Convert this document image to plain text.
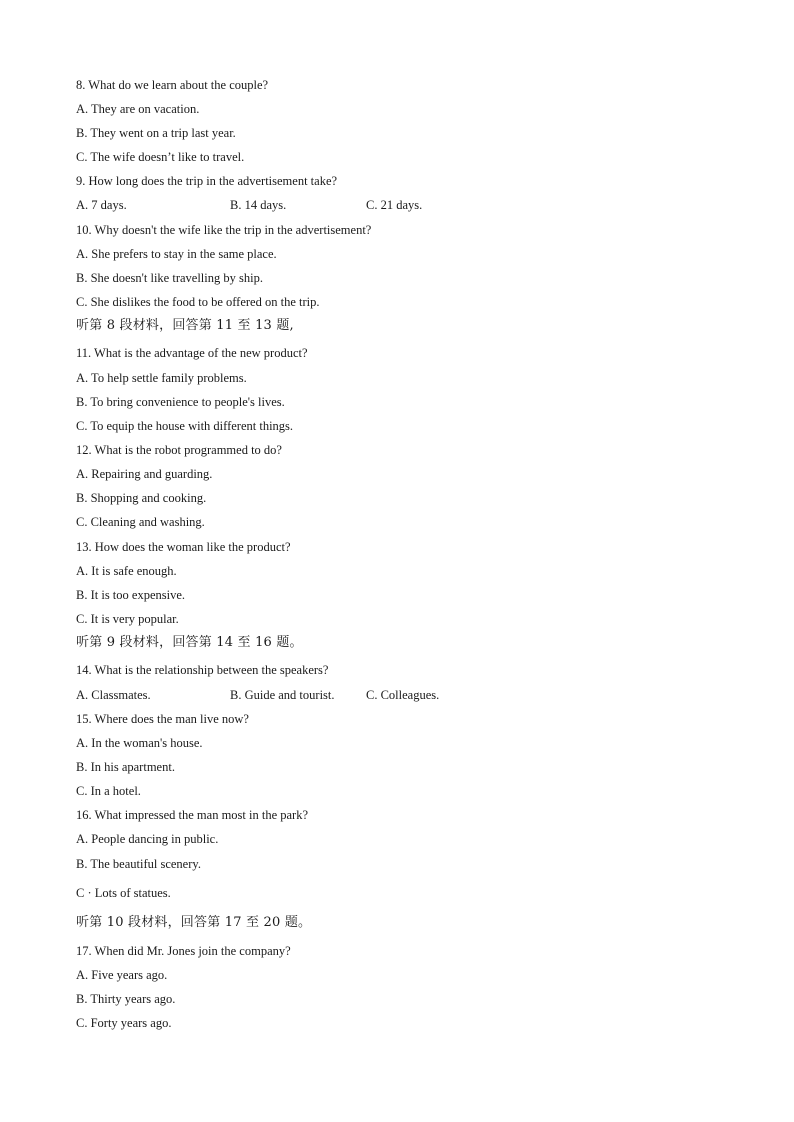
8. What do we learn about the couple?
A. They are on vacation.
B. They went on a trip last year.
C. The wife doesn’t like to travel.
9. How long does the trip in the advertisement take?
A. 7 days.	B. 14 days.	C. 21 days.
10. Why doesn't the wife like the trip in the advertisement?
A. She prefers to stay in the same place.
B. She doesn't like travelling by ship.
C. She dislikes the food to be offered on the trip.
听第 8 段材料，回答第 11 至 13 题,
11. What is the advantage of the new product?
A. To help settle family problems.
B. To bring convenience to people's lives.
C. To equip the house with different things.
12. What is the robot programmed to do?
A. Repairing and guarding.
B. Shopping and cooking.
C. Cleaning and washing.
13. How does the woman like the product?
A. It is safe enough.
B. It is too expensive.
C. It is very popular.
听第 9 段材料，回答第 14 至 16 题。
14. What is the relationship between the speakers?
A. Classmates.	B. Guide and tourist.	C. Colleagues.
15. Where does the man live now?
A. In the woman's house.
B. In his apartment.
C. In a hotel.
16. What impressed the man most in the park?
A. People dancing in public.
B. The beautiful scenery.
C · Lots of statues.
听第 10 段材料，回答第 17 至 20 题。
17. When did Mr. Jones join the company?
A. Five years ago.
B. Thirty years ago.
C. Forty years ago.
